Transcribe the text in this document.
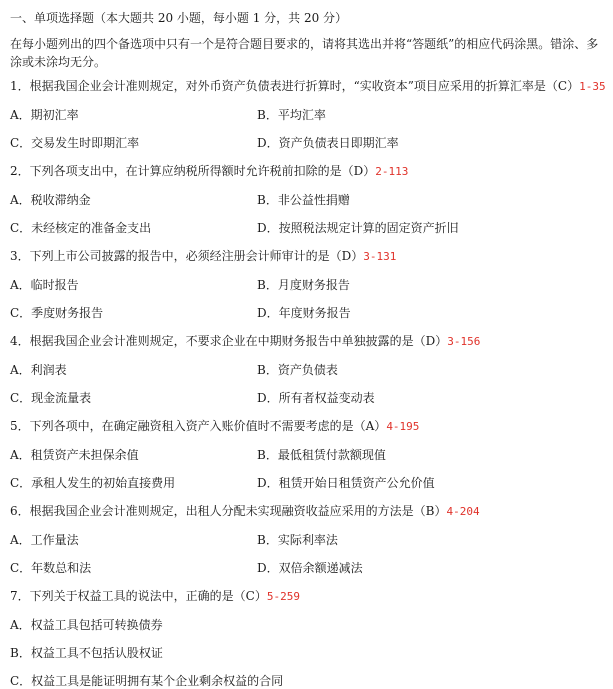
一、单项选择题（本大题共 20 小题，每小题 1 分，共 20 分）
在每小题列出的四个备选项中只有一个是符合题目要求的，请将其选出并将“答题纸”的相应代码涂黑。错涂、多涂或未涂均无分。
1．根据我国企业会计准则规定，对外币资产负债表进行折算时，“实收资本”项目应采用的折算汇率是（C）1-35
A．期初汇率	B．平均汇率
C．交易发生时即期汇率	D．资产负债表日即期汇率
2．下列各项支出中，在计算应纳税所得额时允许税前扣除的是（D）2-113
A．税收滞纳金	B．非公益性捐赠
C．未经核定的准备金支出	D．按照税法规定计算的固定资产折旧
3．下列上市公司披露的报告中，必须经注册会计师审计的是（D）3-131
A．临时报告	B．月度财务报告
C．季度财务报告	D．年度财务报告
4．根据我国企业会计准则规定，不要求企业在中期财务报告中单独披露的是（D）3-156
A．利润表	B．资产负债表
C．现金流量表	D．所有者权益变动表
5．下列各项中，在确定融资租入资产入账价值时不需要考虑的是（A）4-195
A．租赁资产未担保余值	B．最低租赁付款额现值
C．承租人发生的初始直接费用	D．租赁开始日租赁资产公允价值
6．根据我国企业会计准则规定，出租人分配未实现融资收益应采用的方法是（B）4-204
A．工作量法	B．实际利率法
C．年数总和法	D．双倍余额递减法
7．下列关于权益工具的说法中，正确的是（C）5-259
A．权益工具包括可转换债券
B．权益工具不包括认股权证
C．权益工具是能证明拥有某个企业剩余权益的合同
